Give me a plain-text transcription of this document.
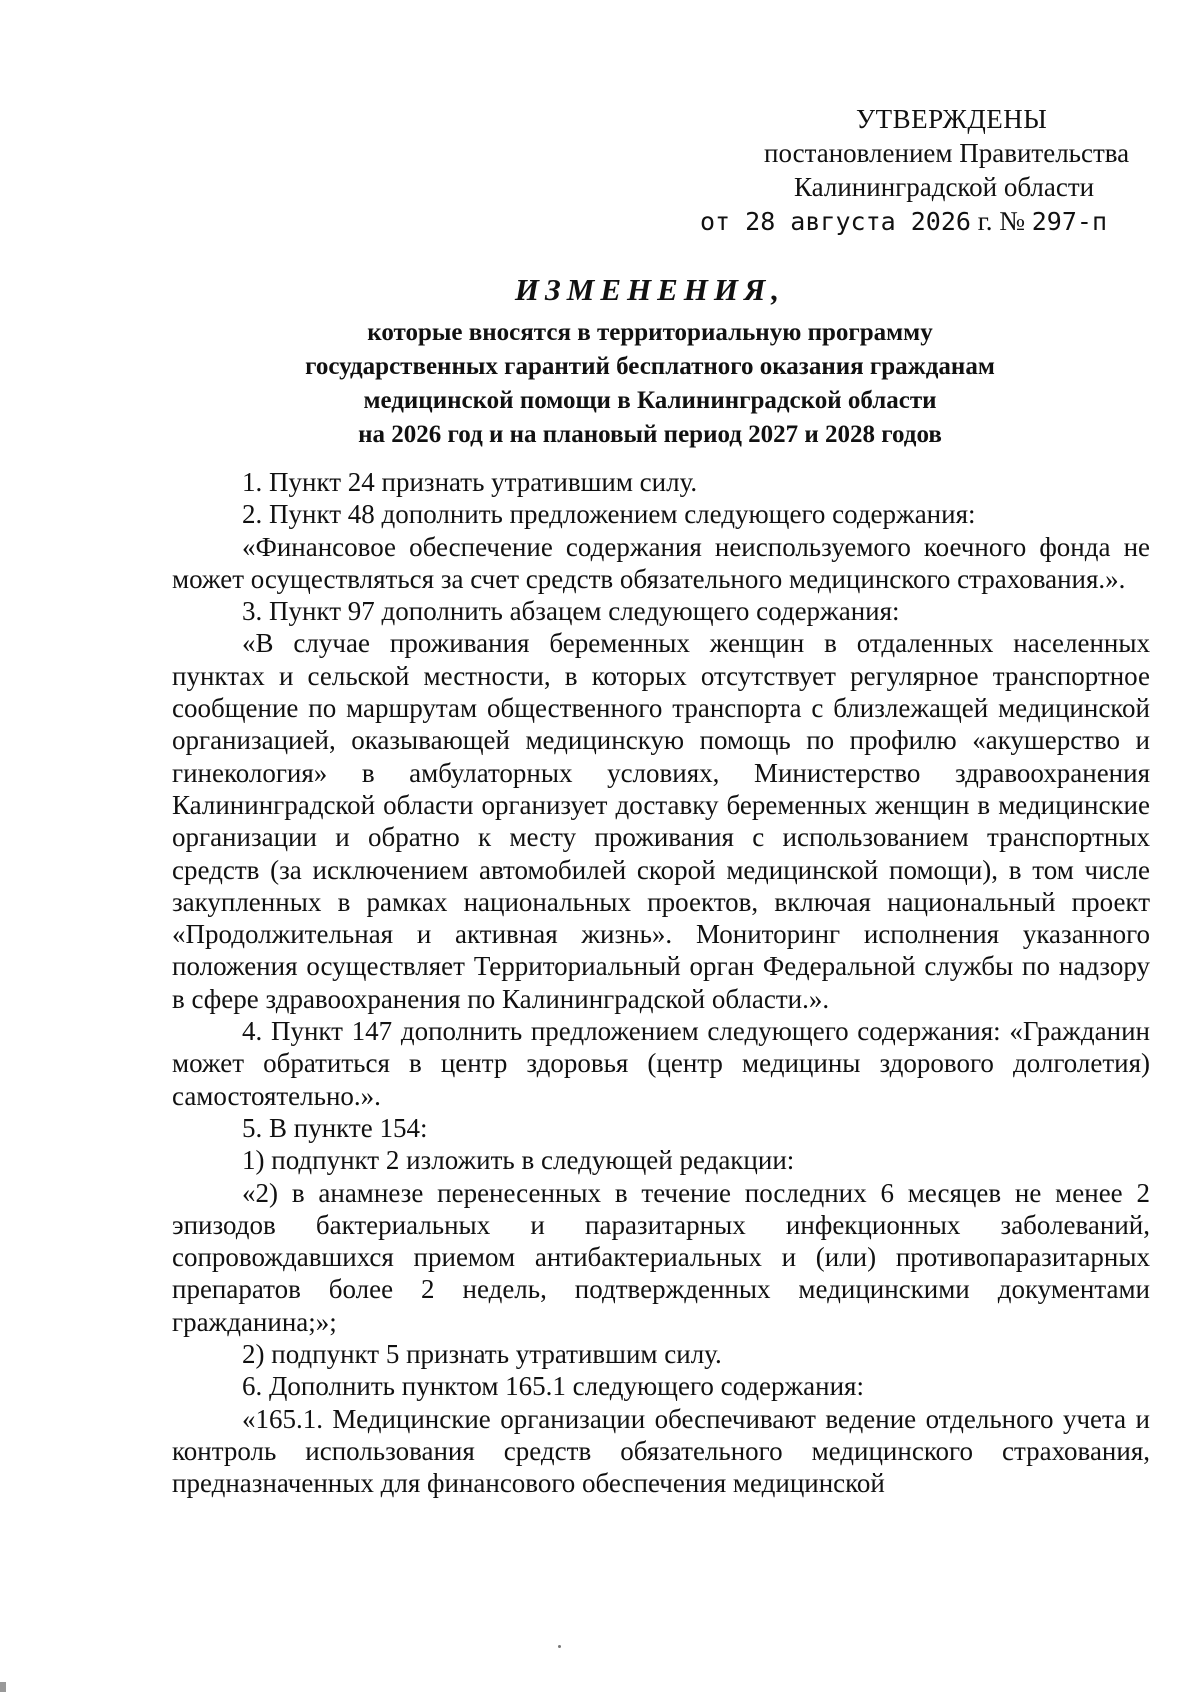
УТВЕРЖДЕНЫ
постановлением Правительства
Калининградской области
от 28 августа 2026 г. № 297-п
ИЗМЕНЕНИЯ,
которые вносятся в территориальную программу
государственных гарантий бесплатного оказания гражданам
медицинской помощи в Калининградской области
на 2026 год и на плановый период 2027 и 2028 годов

1. Пункт 24 признать утратившим силу.

2. Пункт 48 дополнить предложением следующего содержания:

«Финансовое обеспечение содержания неиспользуемого коечного фонда не может осуществляться за счет средств обязательного медицинского страхования.».

3. Пункт 97 дополнить абзацем следующего содержания:

«В случае проживания беременных женщин в отдаленных населенных пунктах и сельской местности, в которых отсутствует регулярное транспортное сообщение по маршрутам общественного транспорта с близлежащей медицинской организацией, оказывающей медицинскую помощь по профилю «акушерство и гинекология» в амбулаторных условиях, Министерство здравоохранения Калининградской области организует доставку беременных женщин в медицинские организации и обратно к месту проживания с использованием транспортных средств (за исключением автомобилей скорой медицинской помощи), в том числе закупленных в рамках национальных проектов, включая национальный проект «Продолжительная и активная жизнь». Мониторинг исполнения указанного положения осуществляет Территориальный орган Федеральной службы по надзору в сфере здравоохранения по Калининградской области.».

4. Пункт 147 дополнить предложением следующего содержания: «Гражданин может обратиться в центр здоровья (центр медицины здорового долголетия) самостоятельно.».

5. В пункте 154:

1) подпункт 2 изложить в следующей редакции:

«2) в анамнезе перенесенных в течение последних 6 месяцев не менее 2 эпизодов бактериальных и паразитарных инфекционных заболеваний, сопровождавшихся приемом антибактериальных и (или) противопаразитарных препаратов более 2 недель, подтвержденных медицинскими документами гражданина;»;

2) подпункт 5 признать утратившим силу.

6. Дополнить пунктом 165.1 следующего содержания:

«165.1. Медицинские организации обеспечивают ведение отдельного учета и контроль использования средств обязательного медицинского страхования, предназначенных для финансового обеспечения медицинской
